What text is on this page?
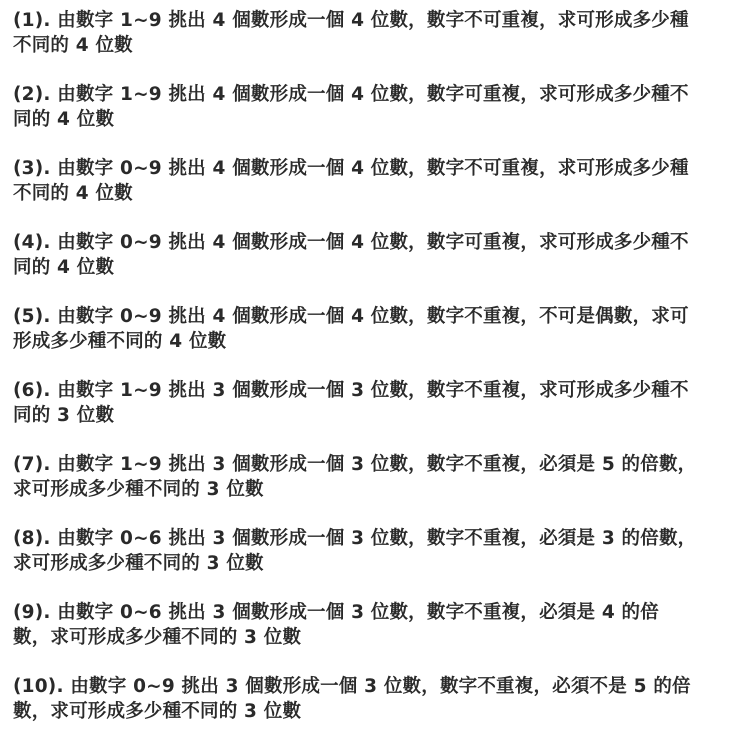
(1). 由數字 1~9 挑出 4 個數形成一個 4 位數，數字不可重複，求可形成多少種
不同的 4 位數
(2). 由數字 1~9 挑出 4 個數形成一個 4 位數，數字可重複，求可形成多少種不
同的 4 位數
(3). 由數字 0~9 挑出 4 個數形成一個 4 位數，數字不可重複，求可形成多少種
不同的 4 位數
(4). 由數字 0~9 挑出 4 個數形成一個 4 位數，數字可重複，求可形成多少種不
同的 4 位數
(5). 由數字 0~9 挑出 4 個數形成一個 4 位數，數字不重複，不可是偶數，求可
形成多少種不同的 4 位數
(6). 由數字 1~9 挑出 3 個數形成一個 3 位數，數字不重複，求可形成多少種不
同的 3 位數
(7). 由數字 1~9 挑出 3 個數形成一個 3 位數，數字不重複，必須是 5 的倍數，
求可形成多少種不同的 3 位數
(8). 由數字 0~6 挑出 3 個數形成一個 3 位數，數字不重複，必須是 3 的倍數，
求可形成多少種不同的 3 位數
(9). 由數字 0~6 挑出 3 個數形成一個 3 位數，數字不重複，必須是 4 的倍
數，求可形成多少種不同的 3 位數
(10). 由數字 0~9 挑出 3 個數形成一個 3 位數，數字不重複，必須不是 5 的倍
數，求可形成多少種不同的 3 位數
